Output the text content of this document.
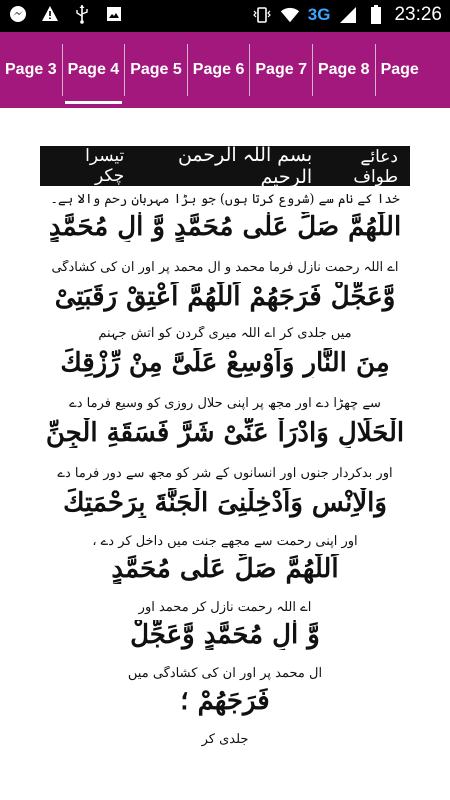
3G	23:26
Page 3 Page 4 Page 5 Page 6 Page 7 Page 8 Page
دعائے طواف
بسم اللہ الرحمن الرحیم
تیسرا چکر
خدا کے نام سے (شروع کرتا ہوں) جو بڑا مہربان رحم والا ہے۔
اللّٰهُمَّ صَلِّ عَلٰى مُحَمَّدٍ وَّ اٰلِ مُحَمَّدٍ
اے اللہ رحمت نازل فرما محمد و آل محمد پر اور ان کی کشادگی
وَّعَجِّلْ فَرَجَهُمْ اَللّٰهُمَّ اَعْتِقْ رَقَبَتِیْ
میں جلدی کر اے اللہ میری گردن کو آتش جہنم
مِنَ النَّارِ وَاَوْسِعْ عَلَیَّ مِنْ رِّزْقِكَ
سے چھڑا دے اور مجھ پر اپنی حلال روزی کو وسیع فرما دے
الْحَلَالِ وَادْرَاْ عَنِّیْ شَرَّ فَسَقَةِ الْجِنِّ
اور بدکردار جنوں اور انسانوں کے شر کو مجھ سے دور فرما دے
وَالْاِنْسِ وَاَدْخِلْنِیَ الْجَنَّةَ بِرَحْمَتِكَ
اور اپنی رحمت سے مجھے جنت میں داخل کر دے ،
اَللّٰهُمَّ صَلِّ عَلٰى مُحَمَّدٍ
اے اللہ رحمت نازل کر محمد اور
وَّ اٰلِ مُحَمَّدٍ وَّعَجِّلْ
آل محمد پر اور ان کی کشادگی میں
فَرَجَهُمْ ؛
جلدی کر
